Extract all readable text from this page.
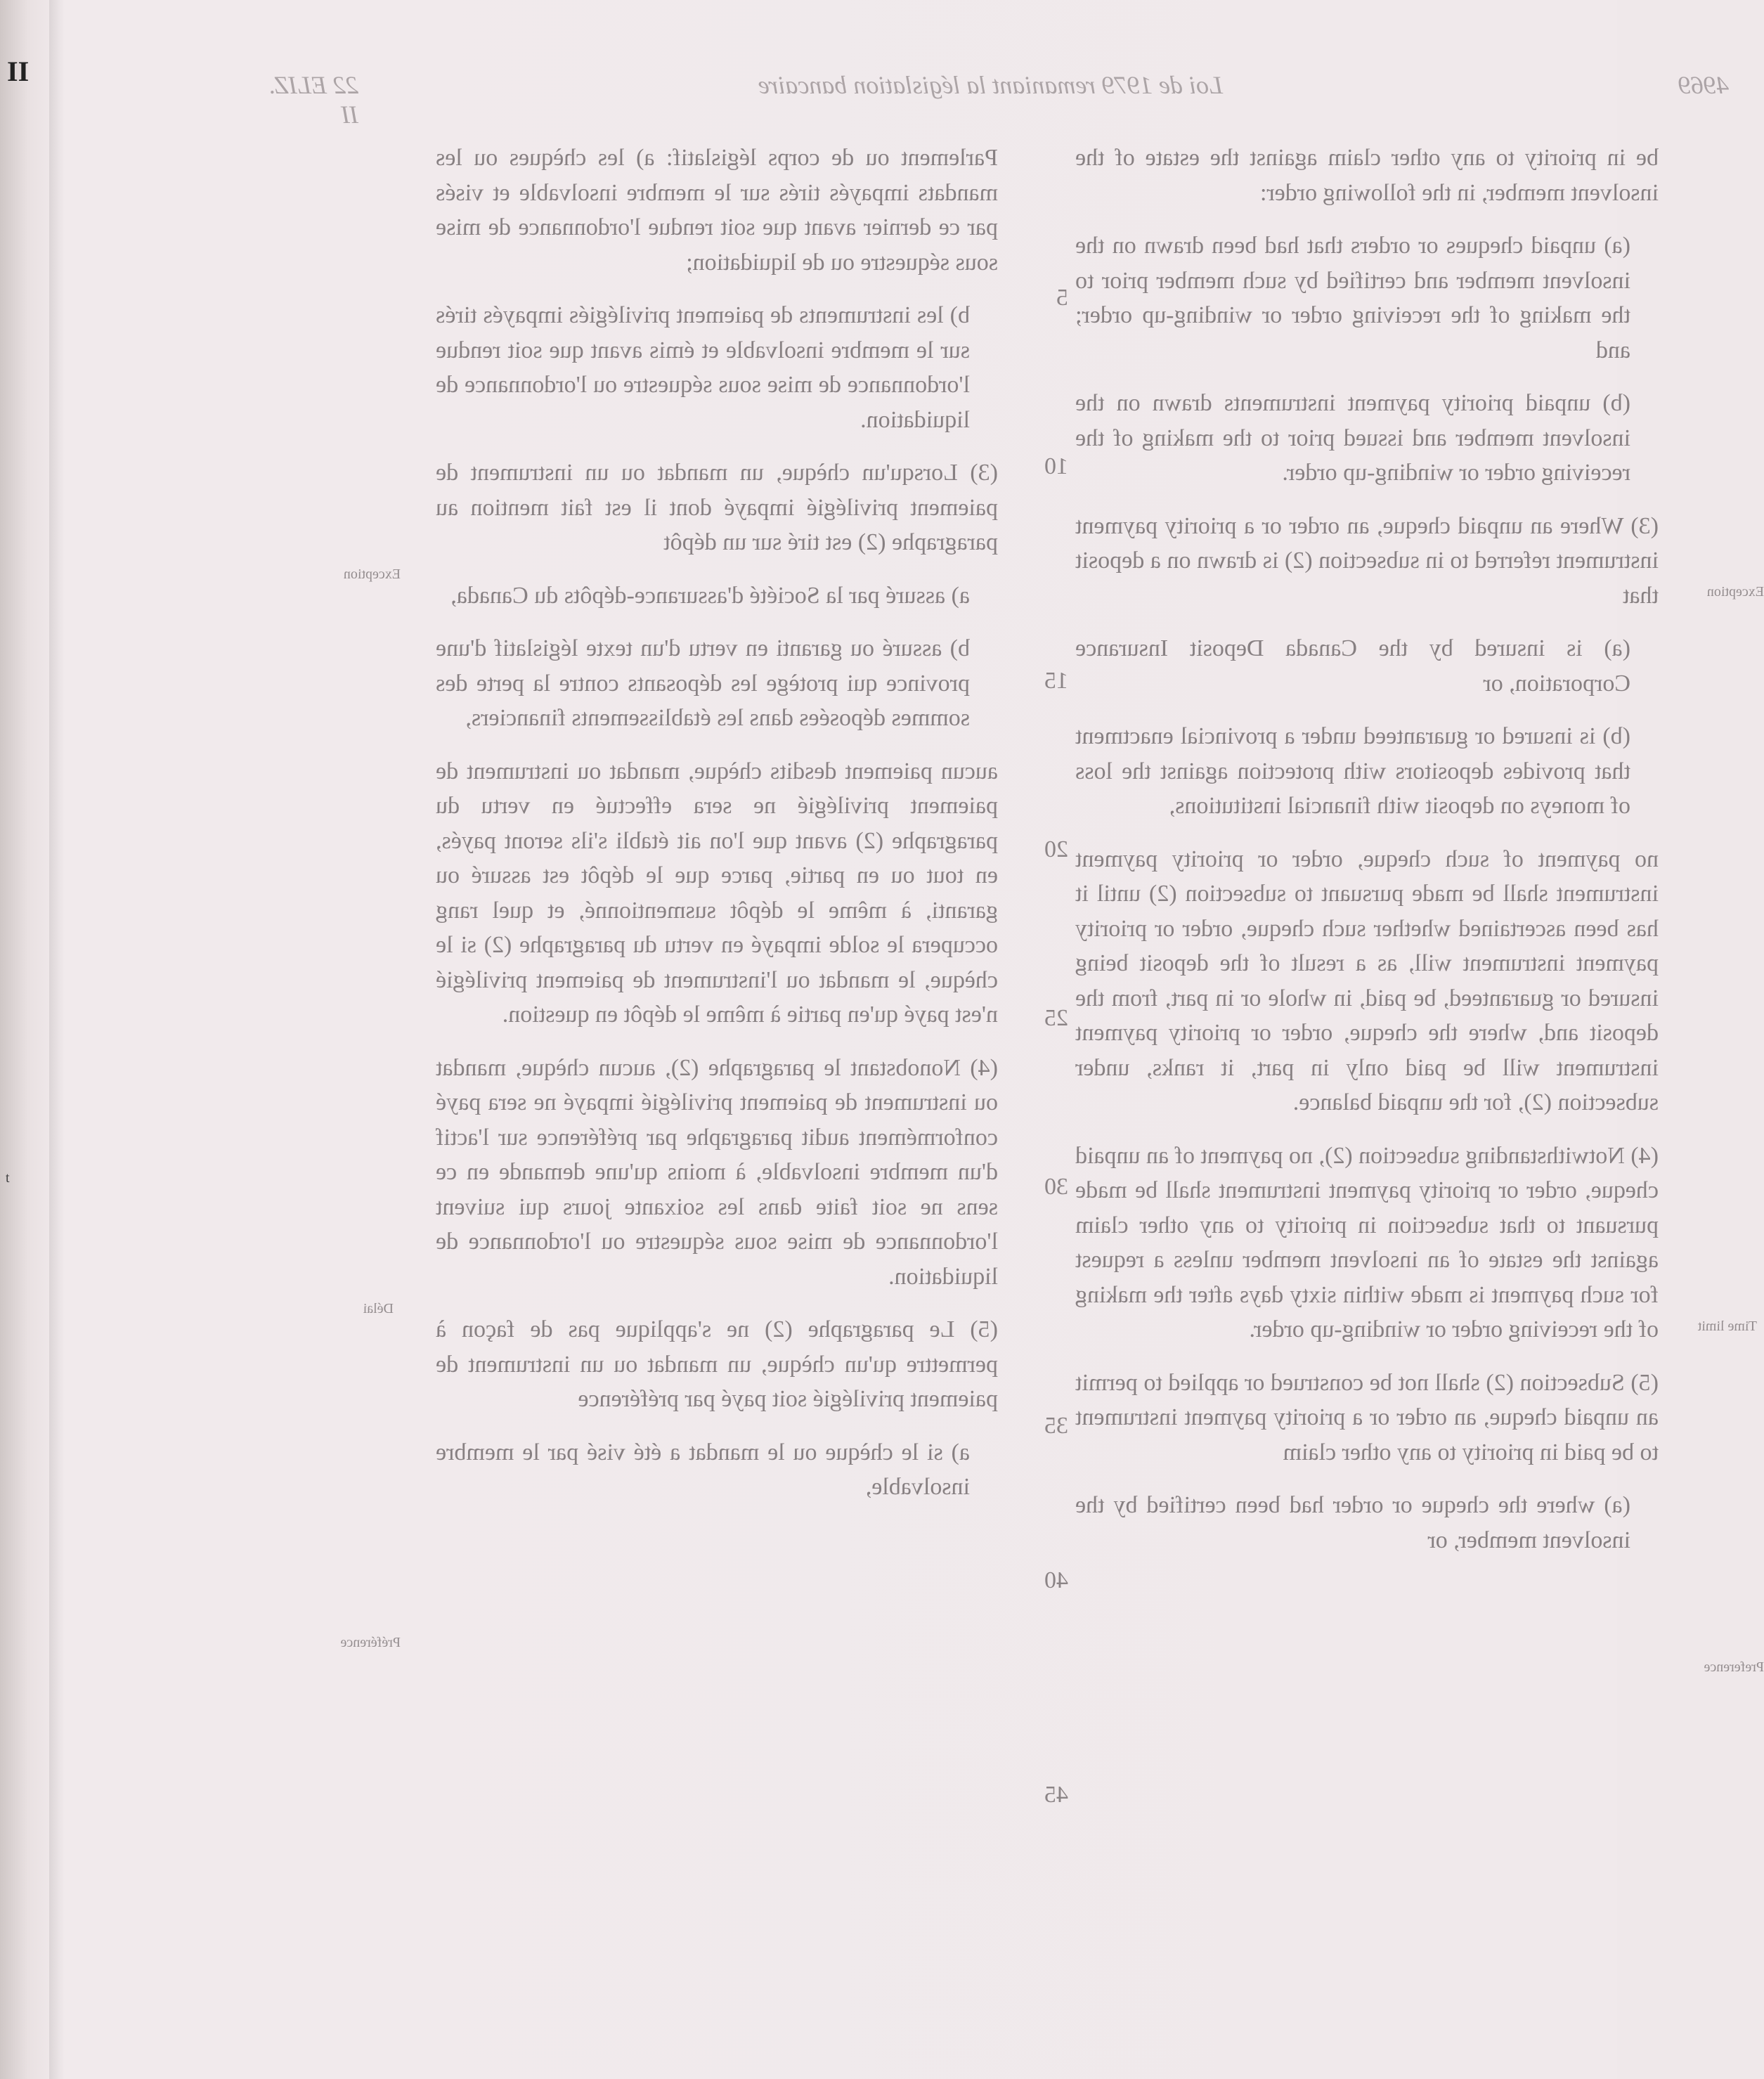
II
t
4969
Loi de 1979 remaniant la législation bancaire
22 ELIZ. II

be in priority to any other claim against the estate of the insolvent member, in the following order:

(a) unpaid cheques or orders that had been drawn on the insolvent member and certified by such member prior to the making of the receiving order or winding-up order; and

(b) unpaid priority payment instruments drawn on the insolvent member and issued prior to the making of the receiving order or winding-up order.

(3) Where an unpaid cheque, an order or a priority payment instrument referred to in subsection (2) is drawn on a deposit that

(a) is insured by the Canada Deposit Insurance Corporation, or

(b) is insured or guaranteed under a provincial enactment that provides depositors with protection against the loss of moneys on deposit with financial institutions,

no payment of such cheque, order or priority payment instrument shall be made pursuant to subsection (2) until it has been ascertained whether such cheque, order or priority payment instrument will, as a result of the deposit being insured or guaranteed, be paid, in whole or in part, from the deposit and, where the cheque, order or priority payment instrument will be paid only in part, it ranks, under subsection (2), for the unpaid balance.

(4) Notwithstanding subsection (2), no payment of an unpaid cheque, order or priority payment instrument shall be made pursuant to that subsection in priority to any other claim against the estate of an insolvent member unless a request for such payment is made within sixty days after the making of the receiving order or winding-up order.

(5) Subsection (2) shall not be construed or applied to permit an unpaid cheque, an order or a priority payment instrument to be paid in priority to any other claim

(a) where the cheque or order had been certified by the insolvent member, or

5
10
15
20
25
30
35
40
45

Parlement ou de corps législatif: a) les chèques ou les mandats impayés tirés sur le membre insolvable et visés par ce dernier avant que soit rendue l'ordonnance de mise sous séquestre ou de liquidation;

b) les instruments de paiement privilégiés impayés tirés sur le membre insolvable et émis avant que soit rendue l'ordonnance de mise sous séquestre ou l'ordonnance de liquidation.

(3) Lorsqu'un chèque, un mandat ou un instrument de paiement privilégié impayé dont il est fait mention au paragraphe (2) est tiré sur un dépôt

a) assuré par la Société d'assurance-dépôts du Canada,

b) assuré ou garanti en vertu d'un texte législatif d'une province qui protège les déposants contre la perte des sommes déposées dans les établissements financiers,

aucun paiement desdits chèque, mandat ou instrument de paiement privilégié ne sera effectué en vertu du paragraphe (2) avant que l'on ait établi s'ils seront payés, en tout ou en partie, parce que le dépôt est assuré ou garanti, à même le dépôt susmentionné, et quel rang occupera le solde impayé en vertu du paragraphe (2) si le chèque, le mandat ou l'instrument de paiement privilégié n'est payé qu'en partie à même le dépôt en question.

(4) Nonobstant le paragraphe (2), aucun chèque, mandat ou instrument de paiement privilégié impayé ne sera payé conformément audit paragraphe par préférence sur l'actif d'un membre insolvable, à moins qu'une demande en ce sens ne soit faite dans les soixante jours qui suivent l'ordonnance de mise sous séquestre ou l'ordonnance de liquidation.

(5) Le paragraphe (2) ne s'applique pas de façon à permettre qu'un chèque, un mandat ou un instrument de paiement privilégié soit payé par préférence

a) si le chèque ou le mandat a été visé par le membre insolvable,

Exception
Time limit
Preference
Exception
Délai
Préférence
